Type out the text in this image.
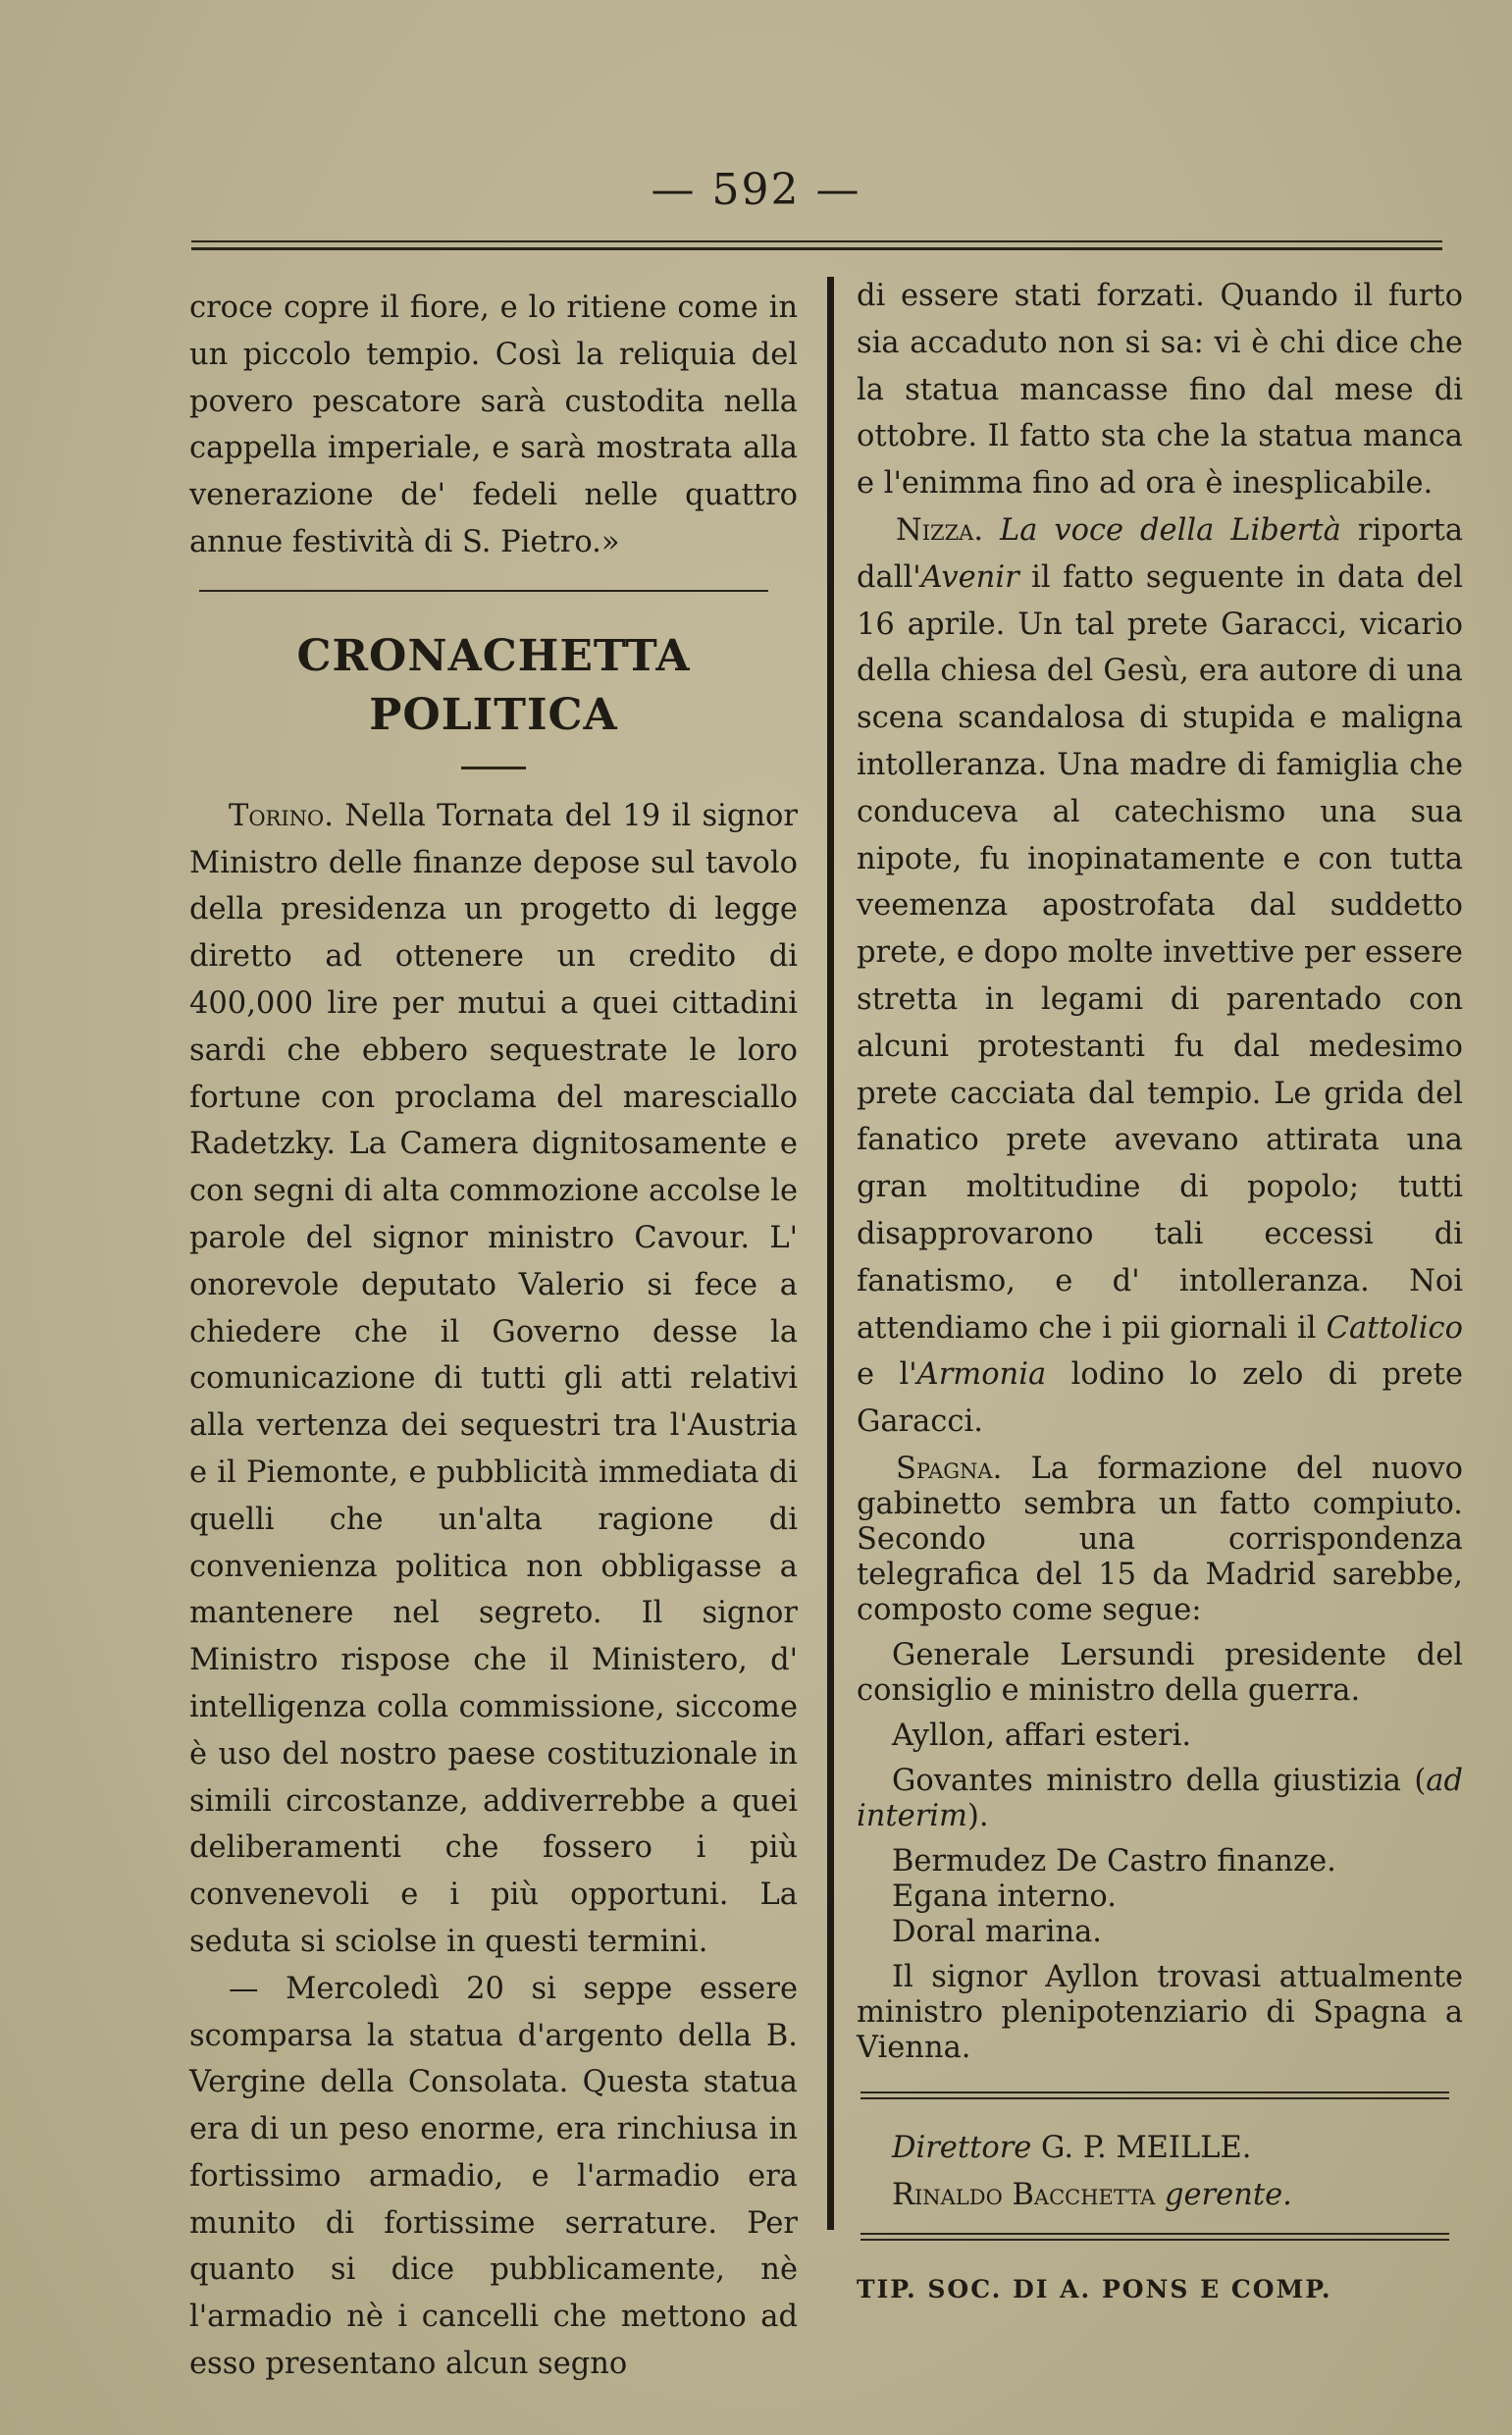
— 592 —

croce copre il fiore, e lo ritiene come in un piccolo tempio. Così la reliquia del povero pescatore sarà custodita nella cappella imperiale, e sarà mostrata alla venerazione de' fedeli nelle quattro annue festività di S. Pietro.»

CRONACHETTA POLITICA

Torino. Nella Tornata del 19 il signor Ministro delle finanze depose sul tavolo della presidenza un progetto di legge diretto ad ottenere un credito di 400,000 lire per mutui a quei cittadini sardi che ebbero sequestrate le loro fortune con proclama del maresciallo Radetzky. La Camera dignitosamente e con segni di alta commozione accolse le parole del signor ministro Cavour. L' onorevole deputato Valerio si fece a chiedere che il Governo desse la comunicazione di tutti gli atti relativi alla vertenza dei sequestri tra l'Austria e il Piemonte, e pubblicità immediata di quelli che un'alta ragione di convenienza politica non obbligasse a mantenere nel segreto. Il signor Ministro rispose che il Ministero, d' intelligenza colla commissione, siccome è uso del nostro paese costituzionale in simili circostanze, addiverrebbe a quei deliberamenti che fossero i più convenevoli e i più opportuni. La seduta si sciolse in questi termini.

— Mercoledì 20 si seppe essere scomparsa la statua d'argento della B. Vergine della Consolata. Questa statua era di un peso enorme, era rinchiusa in fortissimo armadio, e l'armadio era munito di fortissime serrature. Per quanto si dice pubblicamente, nè l'armadio nè i cancelli che mettono ad esso presentano alcun segno

di essere stati forzati. Quando il furto sia accaduto non si sa: vi è chi dice che la statua mancasse fino dal mese di ottobre. Il fatto sta che la statua manca e l'enimma fino ad ora è inesplicabile.

Nizza. La voce della Libertà riporta dall'Avenir il fatto seguente in data del 16 aprile. Un tal prete Garacci, vicario della chiesa del Gesù, era autore di una scena scandalosa di stupida e maligna intolleranza. Una madre di famiglia che conduceva al catechismo una sua nipote, fu inopinatamente e con tutta veemenza apostrofata dal suddetto prete, e dopo molte invettive per essere stretta in legami di parentado con alcuni protestanti fu dal medesimo prete cacciata dal tempio. Le grida del fanatico prete avevano attirata una gran moltitudine di popolo; tutti disapprovarono tali eccessi di fanatismo, e d' intolleranza. Noi attendiamo che i pii giornali il Cattolico e l'Armonia lodino lo zelo di prete Garacci.

Spagna. La formazione del nuovo gabinetto sembra un fatto compiuto. Secondo una corrispondenza telegrafica del 15 da Madrid sarebbe, composto come segue:

Generale Lersundi presidente del consiglio e ministro della guerra.

Ayllon, affari esteri.

Govantes ministro della giustizia (ad interim).

Bermudez De Castro finanze.

Egana interno.

Doral marina.

Il signor Ayllon trovasi attualmente ministro plenipotenziario di Spagna a Vienna.

Direttore G. P. MEILLE.

Rinaldo Bacchetta gerente.

TIP. SOC. DI A. PONS E COMP.
